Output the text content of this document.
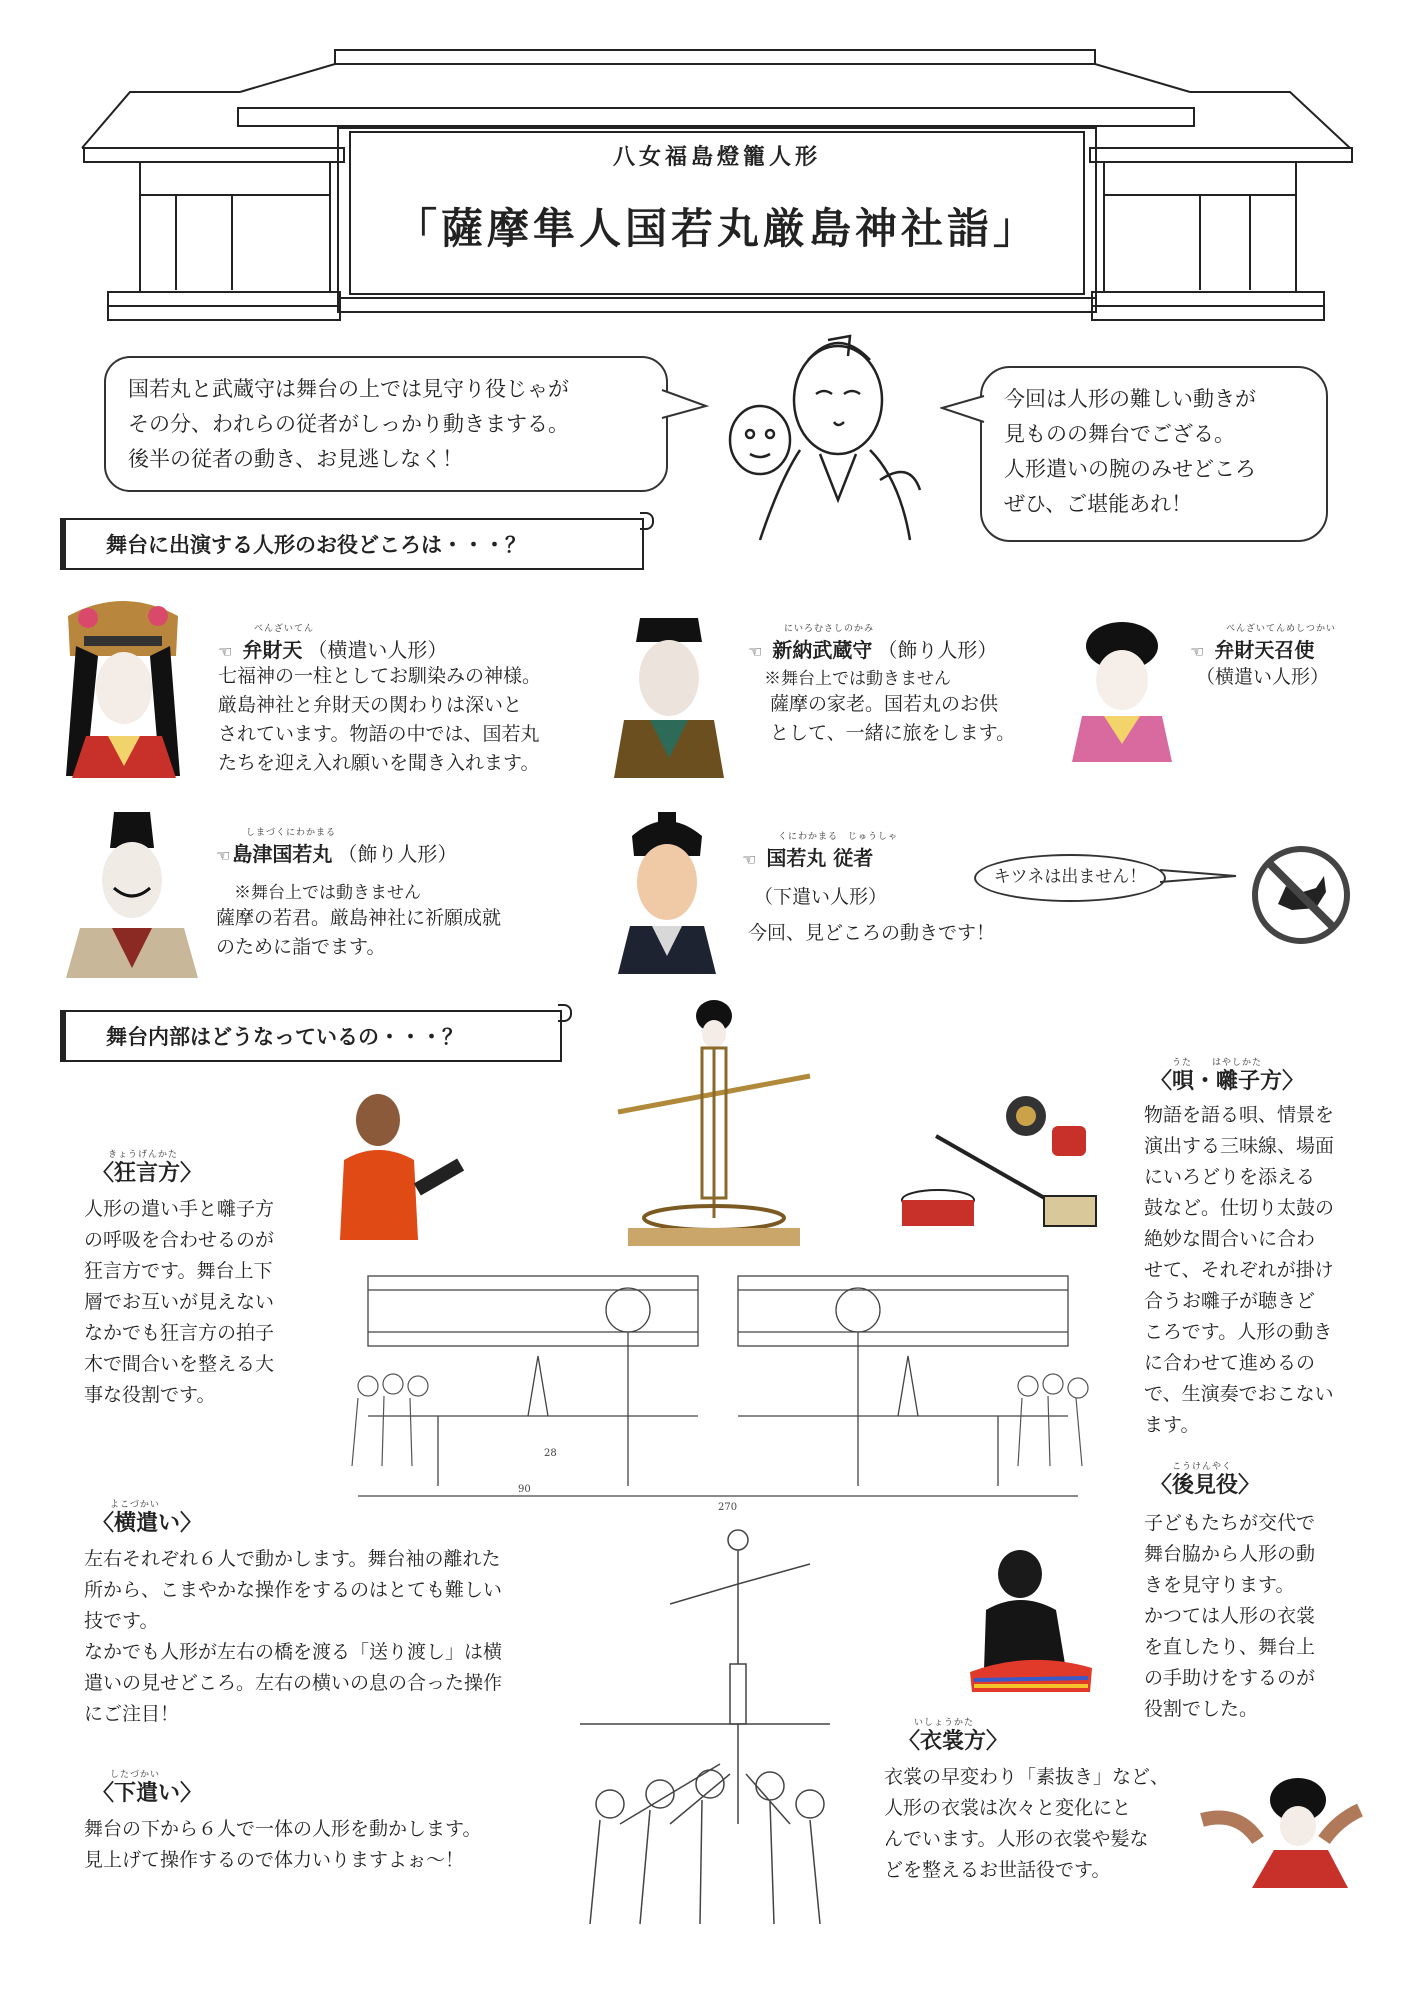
八女福島燈籠人形
「薩摩隼人国若丸厳島神社詣」
国若丸と武蔵守は舞台の上では見守り役じゃが
その分、われらの従者がしっかり動きまする。
後半の従者の動き、お見逃しなく！
今回は人形の難しい動きが
見ものの舞台でござる。
人形遣いの腕のみせどころ
ぜひ、ご堪能あれ！
舞台に出演する人形のお役どころは・・・？
べんざいてん
☜ 弁財天 （横遣い人形）
七福神の一柱としてお馴染みの神様。
厳島神社と弁財天の関わりは深いと
されています。物語の中では、国若丸
たちを迎え入れ願いを聞き入れます。
にいろむさしのかみ
☜ 新納武蔵守 （飾り人形）
※舞台上では動きません
薩摩の家老。国若丸のお供
として、一緒に旅をします。
べんざいてんめしつかい
☜ 弁財天召使
（横遣い人形）
しまづくにわかまる
☜ 島津国若丸 （飾り人形）
※舞台上では動きません
薩摩の若君。厳島神社に祈願成就
のために詣でます。
くにわかまる　じゅうしゃ
☜ 国若丸 従者
（下遣い人形）
今回、見どころの動きです！
キツネは出ません！
舞台内部はどうなっているの・・・？
90
270
28
きょうげんかた
〈狂言方〉
人形の遣い手と囃子方
の呼吸を合わせるのが
狂言方です。舞台上下
層でお互いが見えない
なかでも狂言方の拍子
木で間合いを整える大
事な役割です。
よこづかい
〈横遣い〉
左右それぞれ６人で動かします。舞台袖の離れた
所から、こまやかな操作をするのはとても難しい
技です。
なかでも人形が左右の橋を渡る「送り渡し」は横
遣いの見せどころ。左右の横いの息の合った操作
にご注目！
したづかい
〈下遣い〉
舞台の下から６人で一体の人形を動かします。
見上げて操作するので体力いりますよぉ～！
うた　　はやしかた
〈唄・囃子方〉
物語を語る唄、情景を
演出する三味線、場面
にいろどりを添える
鼓など。仕切り太鼓の
絶妙な間合いに合わ
せて、それぞれが掛け
合うお囃子が聴きど
ころです。人形の動き
に合わせて進めるの
で、生演奏でおこない
ます。
こうけんやく
〈後見役〉
子どもたちが交代で
舞台脇から人形の動
きを見守ります。
かつては人形の衣裳
を直したり、舞台上
の手助けをするのが
役割でした。
いしょうかた
〈衣裳方〉
衣裳の早変わり「素抜き」など、
人形の衣裳は次々と変化にと
んでいます。人形の衣裳や髪な
どを整えるお世話役です。
